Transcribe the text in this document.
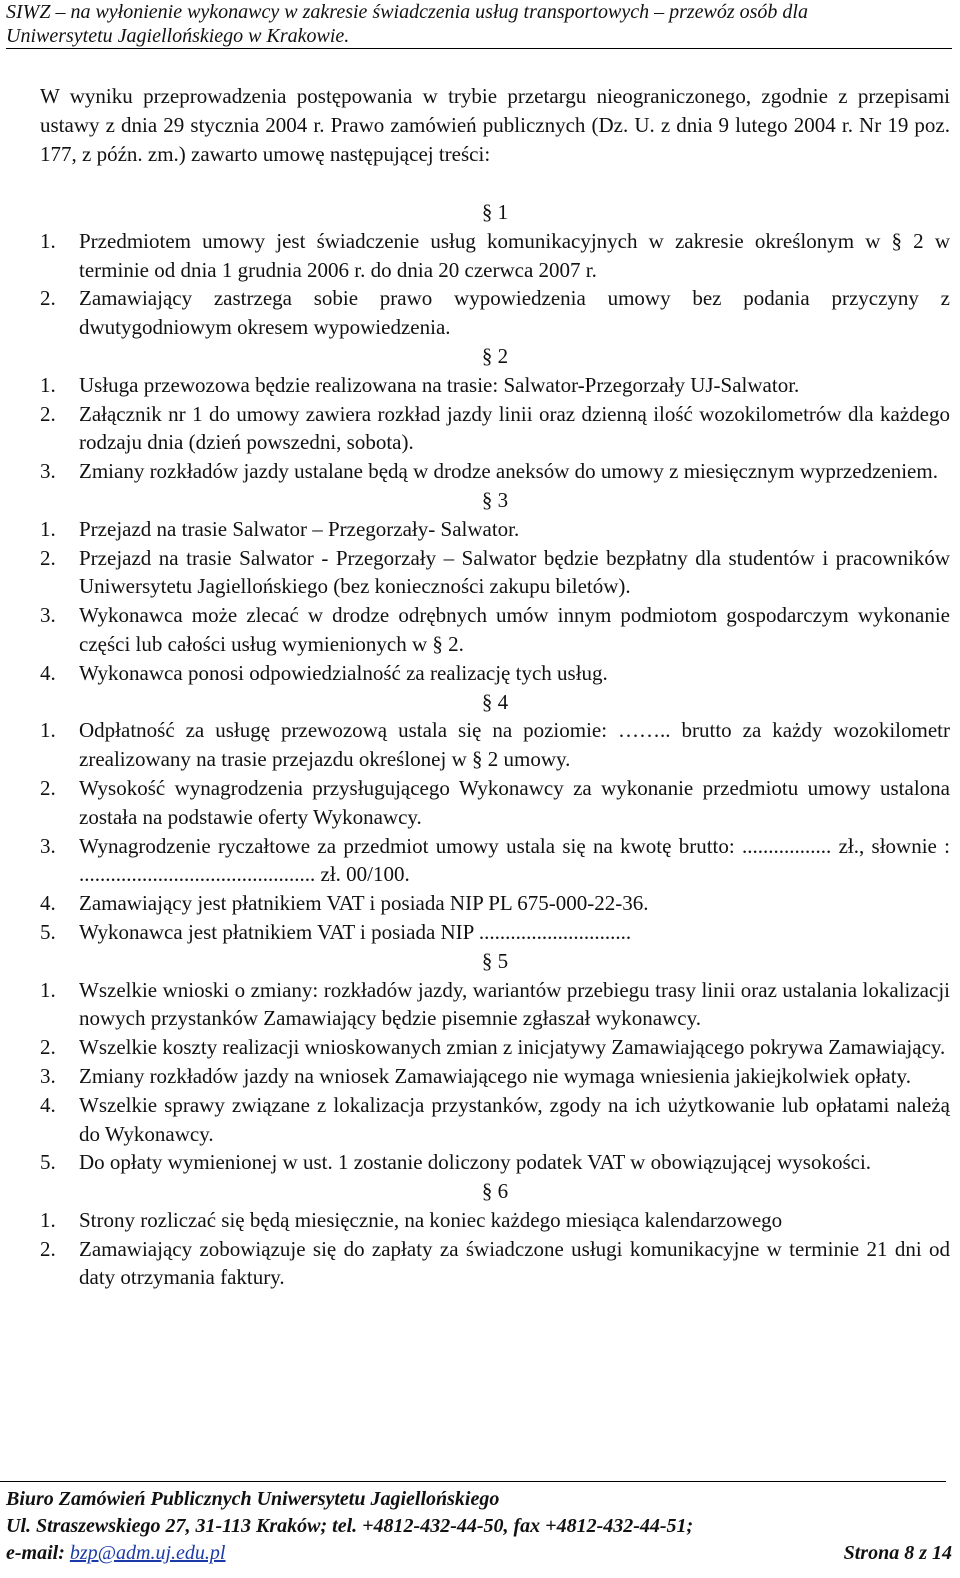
SIWZ – na wyłonienie wykonawcy w zakresie świadczenia usług transportowych – przewóz osób dla
Uniwersytetu Jagiellońskiego w Krakowie.
W wyniku przeprowadzenia postępowania w trybie przetargu nieograniczonego, zgodnie z przepisami ustawy z dnia 29 stycznia 2004 r. Prawo zamówień publicznych (Dz. U. z dnia 9 lutego 2004 r. Nr 19 poz. 177, z późn. zm.) zawarto umowę następującej treści:
§ 1
1.	Przedmiotem umowy jest świadczenie usług komunikacyjnych w zakresie określonym w § 2 w terminie od dnia 1 grudnia 2006 r. do dnia 20 czerwca 2007 r.
2.	Zamawiający zastrzega sobie prawo wypowiedzenia umowy bez podania przyczyny z dwutygodniowym okresem wypowiedzenia.
§ 2
1.	Usługa przewozowa będzie realizowana na trasie: Salwator-Przegorzały UJ-Salwator.
2.	Załącznik nr 1 do umowy zawiera rozkład jazdy linii oraz dzienną ilość wozokilometrów dla każdego rodzaju dnia (dzień powszedni, sobota).
3.	Zmiany rozkładów jazdy ustalane będą w drodze aneksów do umowy z miesięcznym wyprzedzeniem.
§ 3
1.	Przejazd na trasie Salwator – Przegorzały- Salwator.
2.	Przejazd na trasie Salwator - Przegorzały – Salwator będzie bezpłatny dla studentów i pracowników Uniwersytetu Jagiellońskiego (bez konieczności zakupu biletów).
3.	Wykonawca może zlecać w drodze odrębnych umów innym podmiotom gospodarczym wykonanie części lub całości usług wymienionych w § 2.
4.	Wykonawca ponosi odpowiedzialność za realizację tych usług.
§ 4
1.	Odpłatność za usługę przewozową ustala się na poziomie: …….. brutto za każdy wozokilometr zrealizowany na trasie przejazdu określonej w § 2 umowy.
2.	Wysokość wynagrodzenia przysługującego Wykonawcy za wykonanie przedmiotu umowy ustalona została na podstawie oferty Wykonawcy.
3.	Wynagrodzenie ryczałtowe za przedmiot umowy ustala się na kwotę brutto: ................. zł., słownie : ............................................. zł. 00/100.
4.	Zamawiający jest płatnikiem VAT i posiada NIP PL 675-000-22-36.
5.	Wykonawca jest płatnikiem VAT i posiada NIP .............................
§ 5
1.	Wszelkie wnioski o zmiany: rozkładów jazdy, wariantów przebiegu trasy linii oraz ustalania lokalizacji nowych przystanków Zamawiający będzie pisemnie zgłaszał wykonawcy.
2.	Wszelkie koszty realizacji wnioskowanych zmian z inicjatywy Zamawiającego pokrywa Zamawiający.
3.	Zmiany rozkładów jazdy na wniosek Zamawiającego nie wymaga wniesienia jakiejkolwiek opłaty.
4.	Wszelkie sprawy związane z lokalizacja przystanków, zgody na ich użytkowanie lub opłatami należą do Wykonawcy.
5.	Do opłaty wymienionej w ust. 1 zostanie doliczony podatek VAT w obowiązującej wysokości.
§ 6
1.	Strony rozliczać się będą miesięcznie, na koniec każdego miesiąca kalendarzowego
2.	Zamawiający zobowiązuje się do zapłaty za świadczone usługi komunikacyjne w terminie 21 dni od daty otrzymania faktury.
Biuro Zamówień Publicznych Uniwersytetu Jagiellońskiego
Ul. Straszewskiego 27, 31-113 Kraków; tel. +4812-432-44-50, fax +4812-432-44-51;
e-mail: bzp@adm.uj.edu.pl	Strona 8 z 14
